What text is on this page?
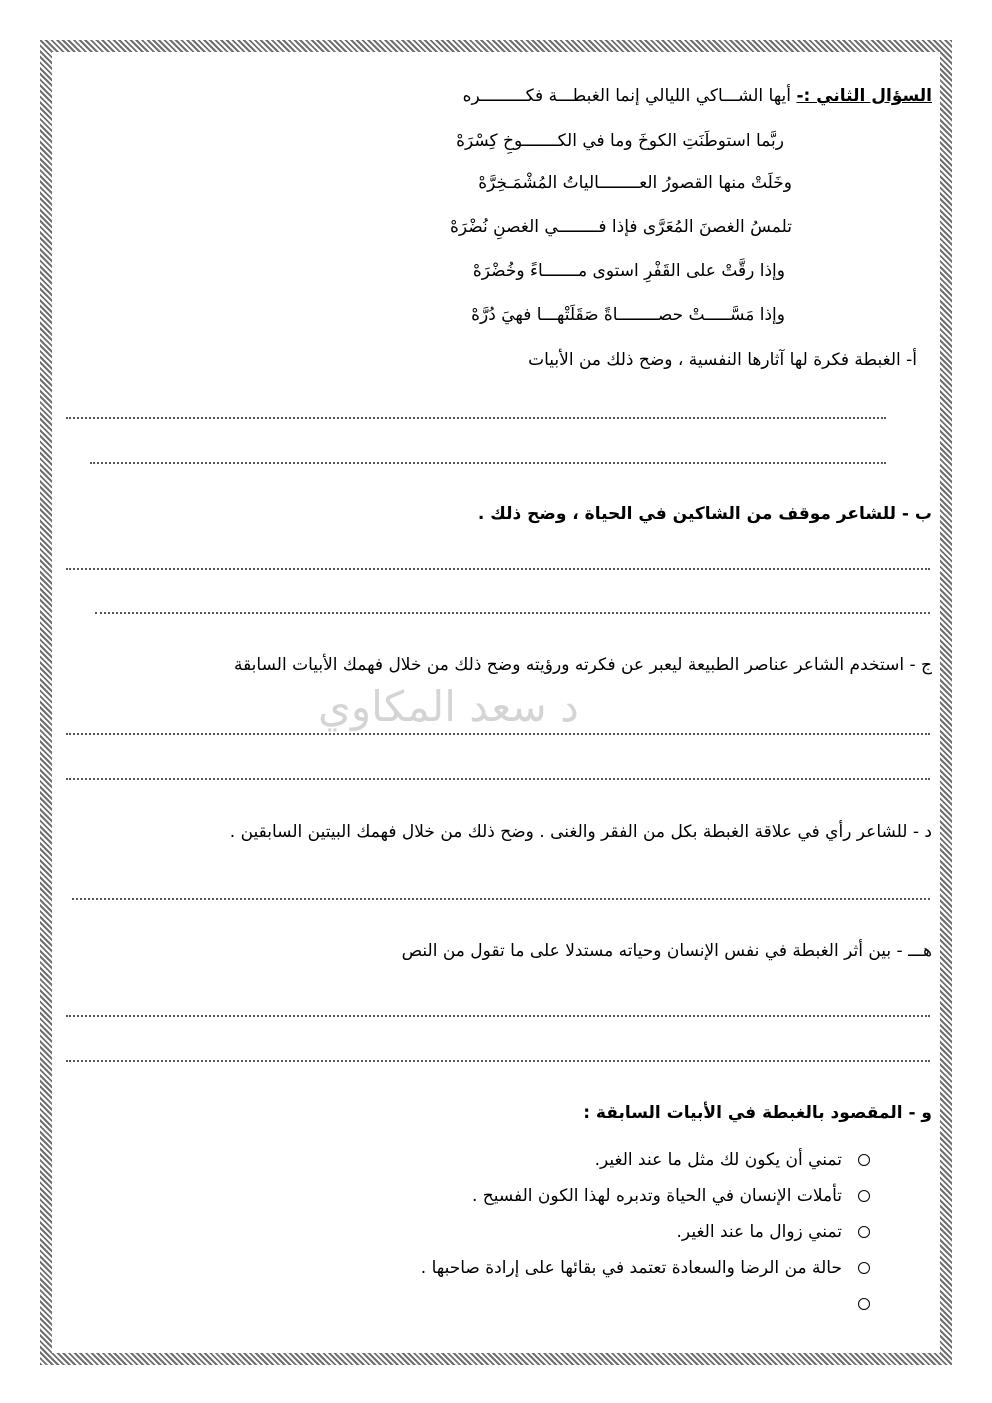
د سعد المكاوي
السؤال الثاني :- أيها الشـــاكي الليالي إنما الغبطـــة فكـــــــــره
ربَّما استوطَنَتِ الكوخَ وما في الكـــــــوخِ كِسْرَهْ
وخَلَتْ منها القصورُ العــــــــالياتُ المُشْمَـخِرَّهْ
تلمسُ الغصنَ المُعَرَّى فإذا فــــــــي الغصنِ نُضْرَهْ
وإذا رقَّتْ على القَفْرِ استوى مـــــــاءً وخُضْرَهْ
وإذا مَسَّـــــتْ حصــــــــاةً صَقَلَتْهـــا فهيَ دُرَّهْ
أ- الغبطة فكرة لها آثارها النفسية ، وضح ذلك من الأبيات
ب - للشاعر موقف من الشاكين في الحياة ، وضح ذلك .
ج - استخدم الشاعر عناصر الطبيعة ليعبر عن فكرته ورؤيته وضح ذلك من خلال فهمك الأبيات السابقة
د - للشاعر رأي في علاقة الغبطة بكل من الفقر والغنى . وضح ذلك من خلال فهمك البيتين السابقين .
هـــ - بين أثر الغبطة في نفس الإنسان وحياته مستدلا على ما تقول من النص
و - المقصود بالغبطة في الأبيات السابقة :
تمني أن يكون لك مثل ما عند الغير.
تأملات الإنسان في الحياة وتدبره لهذا الكون الفسيح .
تمني زوال ما عند الغير.
حالة من الرضا والسعادة تعتمد في بقائها على إرادة صاحبها .
